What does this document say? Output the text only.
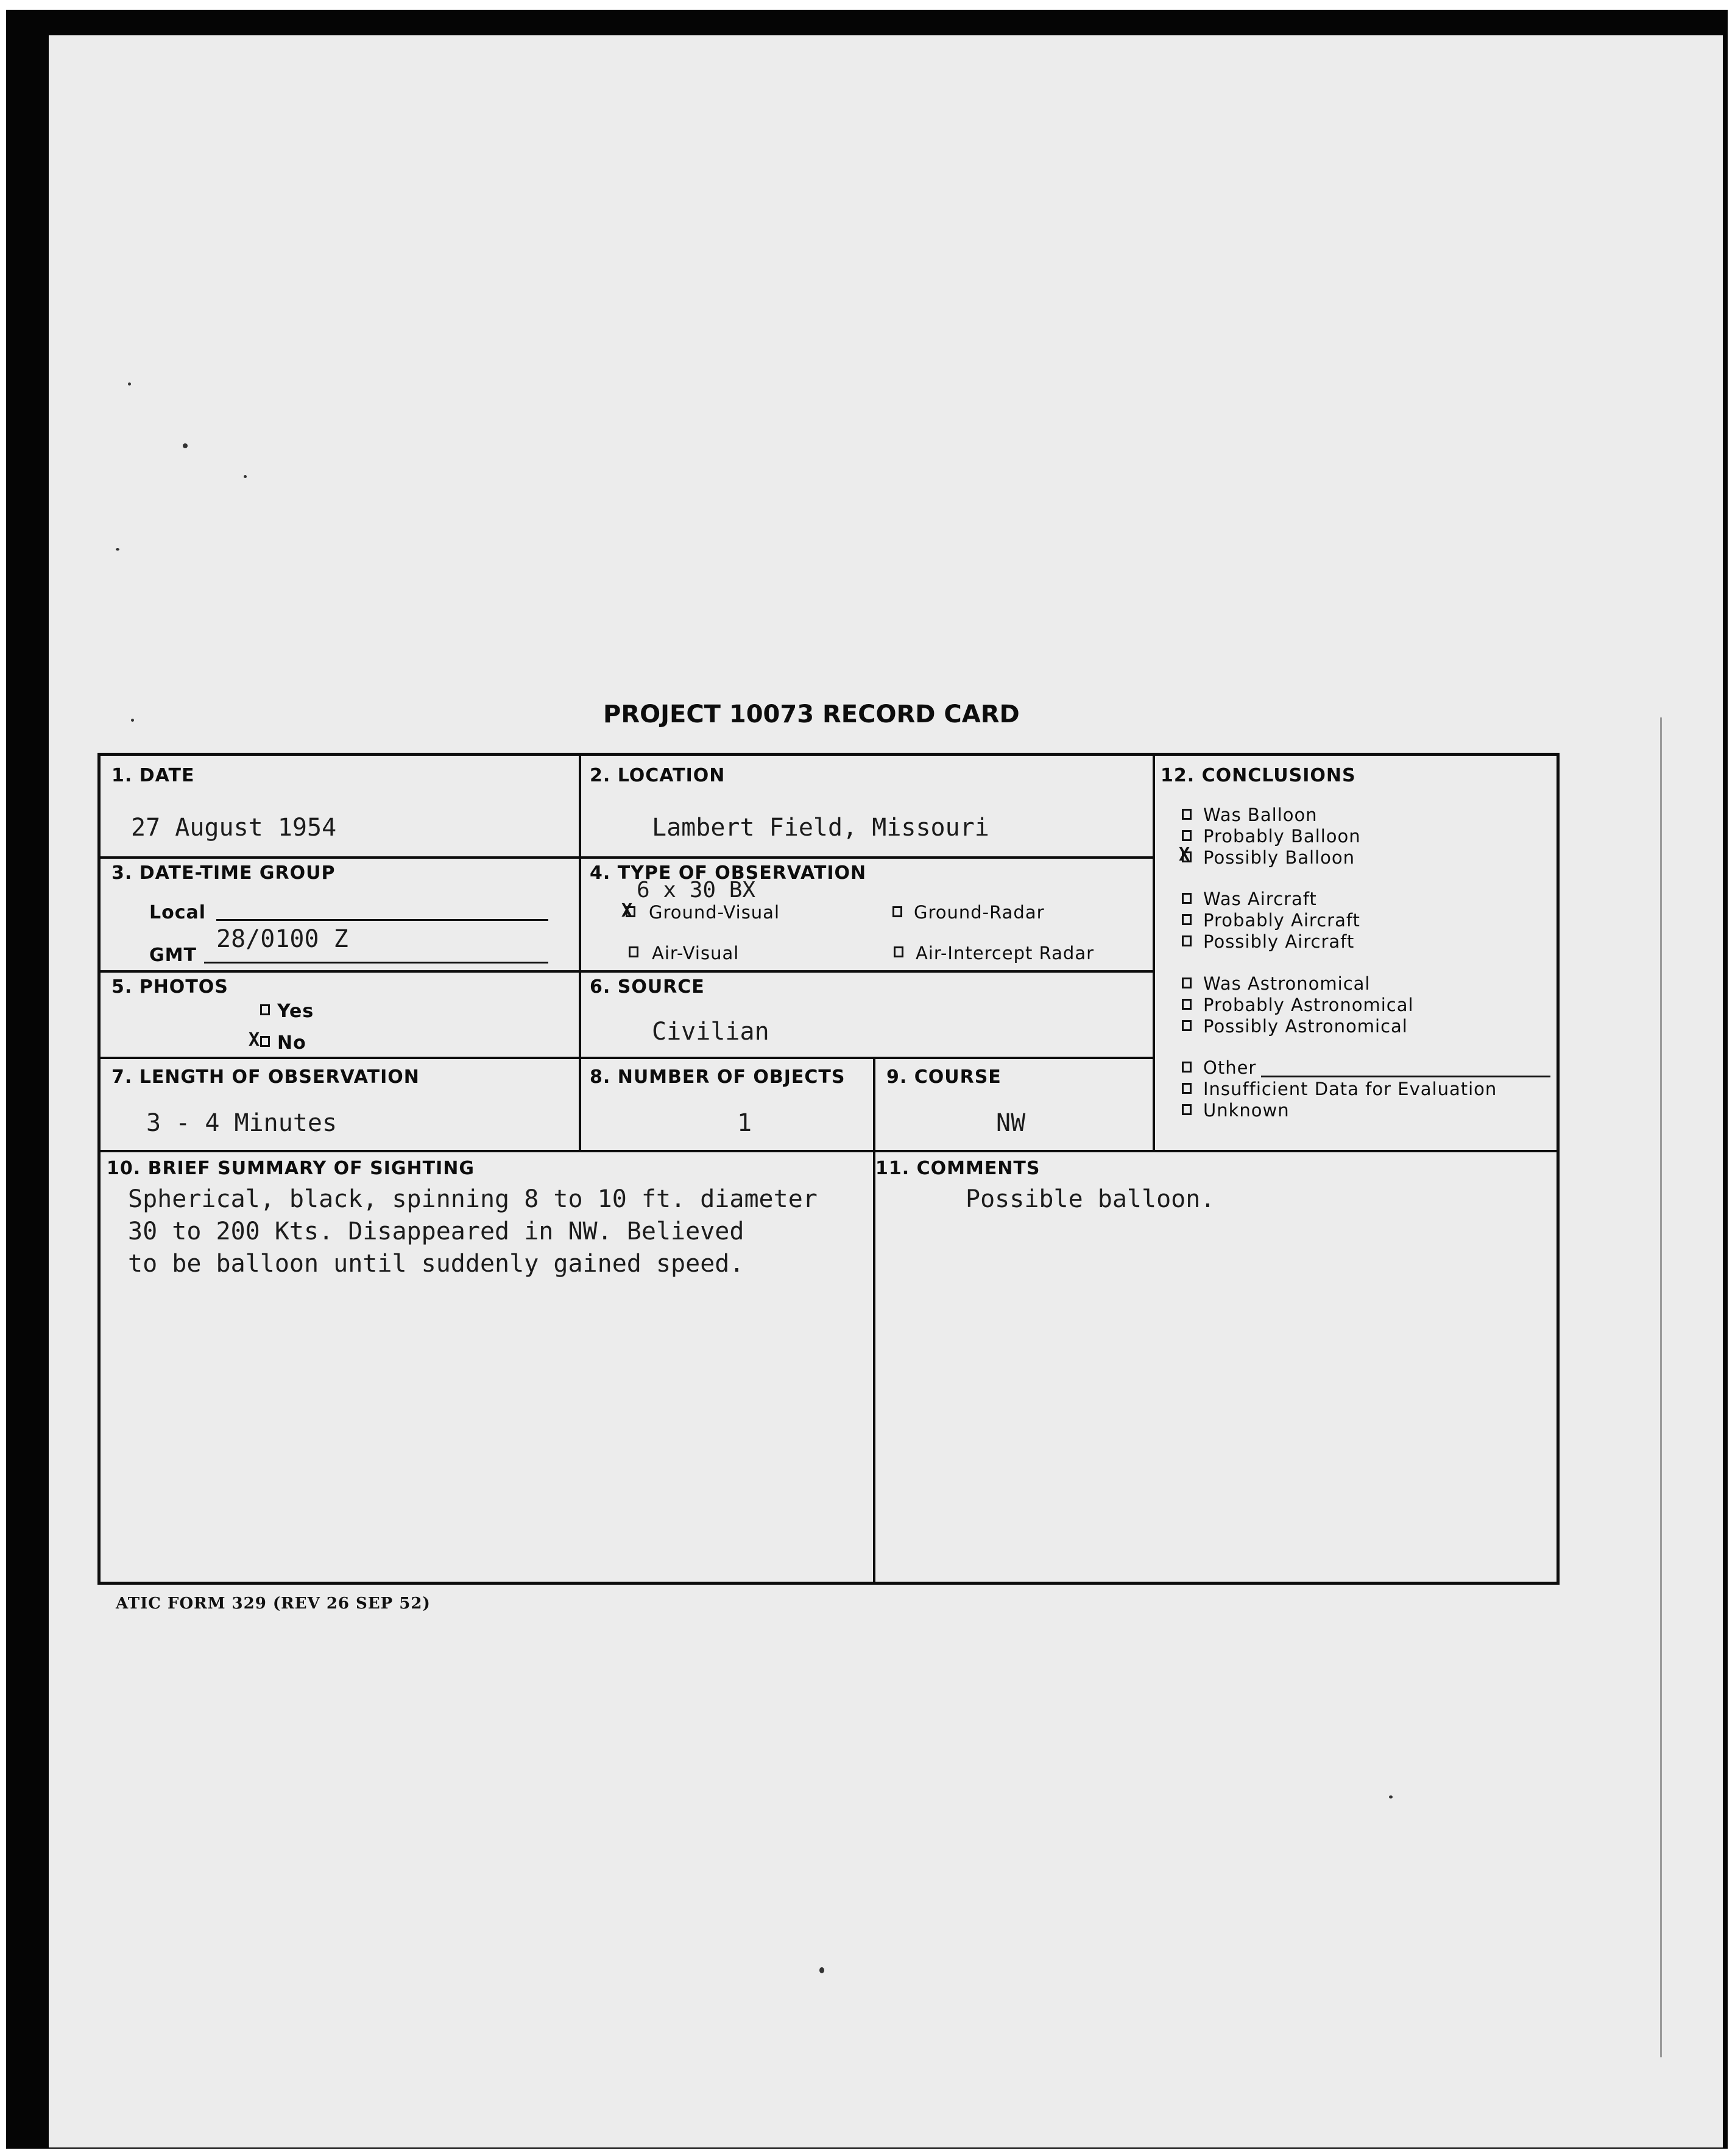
PROJECT 10073 RECORD CARD
1. DATE
27 August 1954
2. LOCATION
Lambert Field, Missouri
3. DATE-TIME GROUP
Local
GMT
28/0100 Z
4. TYPE OF OBSERVATION
6 x 30 BX
X Ground-Visual	Ground-Radar
Air-Visual	Air-Intercept Radar
5. PHOTOS
Yes
X No
6. SOURCE
Civilian
7. LENGTH OF OBSERVATION
3 - 4 Minutes
8. NUMBER OF OBJECTS
1
9. COURSE
NW
10. BRIEF SUMMARY OF SIGHTING
Spherical, black, spinning 8 to 10 ft. diameter
30 to 200 Kts. Disappeared in NW. Believed
to be balloon until suddenly gained speed.
11. COMMENTS
Possible balloon.
12. CONCLUSIONS
Was Balloon
Probably Balloon
X Possibly Balloon
Was Aircraft
Probably Aircraft
Possibly Aircraft
Was Astronomical
Probably Astronomical
Possibly Astronomical
Other
Insufficient Data for Evaluation
Unknown
ATIC FORM 329 (REV 26 SEP 52)
